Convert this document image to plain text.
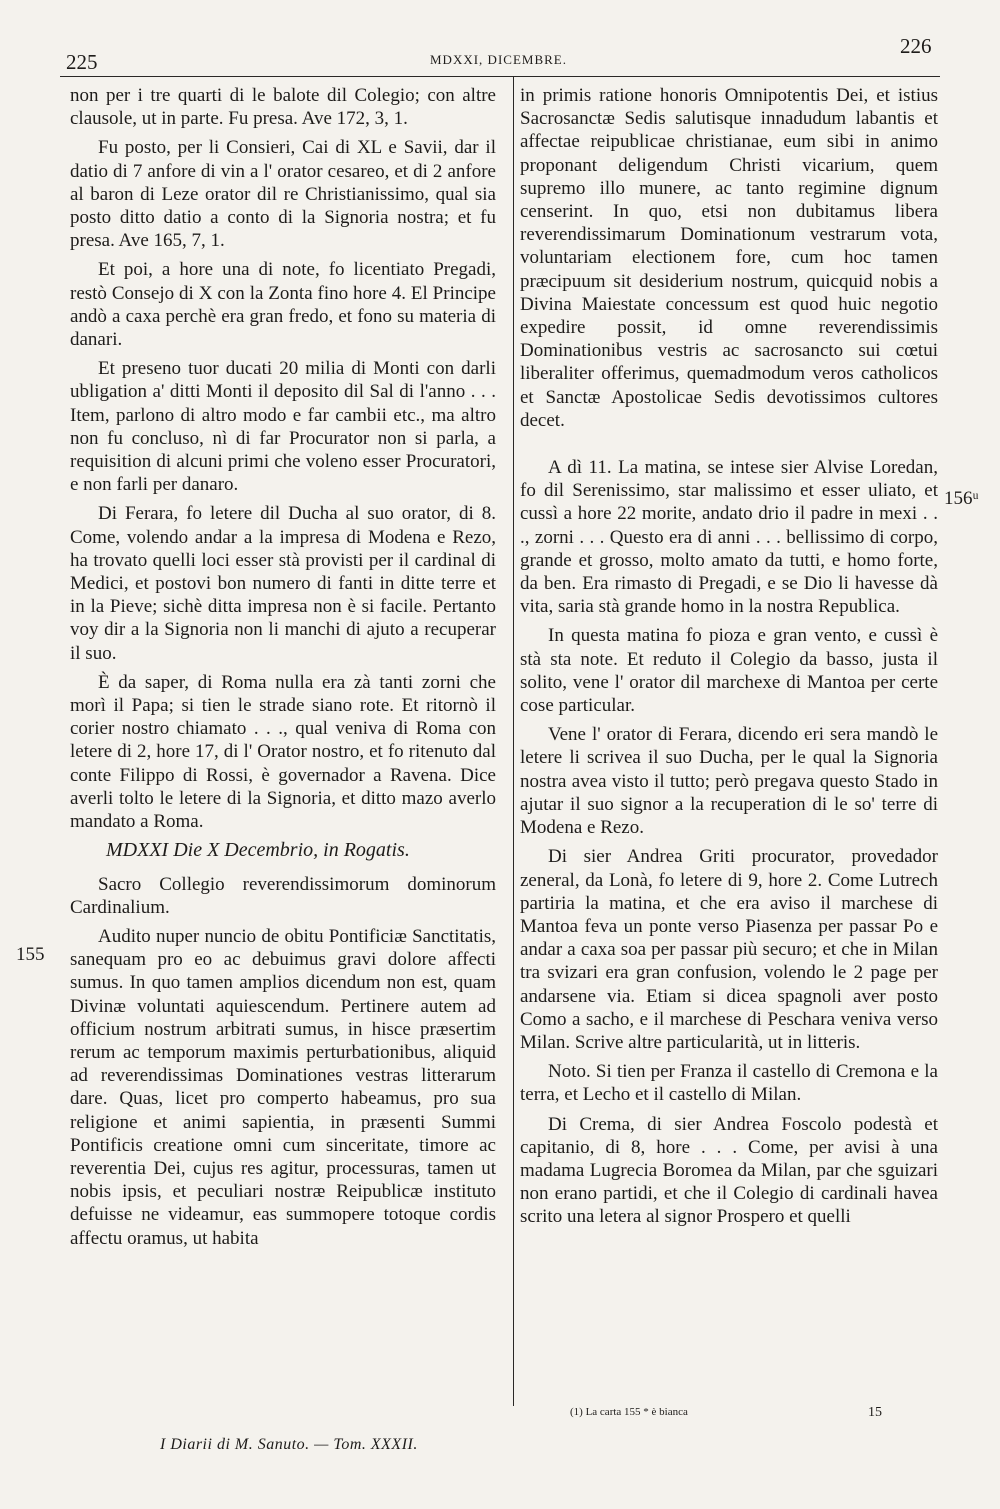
225	MDXXI, DICEMBRE.
226
155
156ᵘ

non per i tre quarti di le balote dil Colegio; con altre clausole, ut in parte. Fu presa. Ave 172, 3, 1.

Fu posto, per li Consieri, Cai di XL e Savii, dar il datio di 7 anfore di vin a l' orator cesareo, et di 2 anfore al baron di Leze orator dil re Christianissimo, qual sia posto ditto datio a conto di la Signoria nostra; et fu presa. Ave 165, 7, 1.

Et poi, a hore una di note, fo licentiato Pregadi, restò Consejo di X con la Zonta fino hore 4. El Principe andò a caxa perchè era gran fredo, et fono su materia di danari.

Et preseno tuor ducati 20 milia di Monti con darli ubligation a' ditti Monti il deposito dil Sal di l'anno . . . Item, parlono di altro modo e far cambii etc., ma altro non fu concluso, nì di far Procurator non si parla, a requisition di alcuni primi che voleno esser Procuratori, e non farli per danaro.

Di Ferara, fo letere dil Ducha al suo orator, di 8. Come, volendo andar a la impresa di Modena e Rezo, ha trovato quelli loci esser stà provisti per il cardinal di Medici, et postovi bon numero di fanti in ditte terre et in la Pieve; sichè ditta impresa non è si facile. Pertanto voy dir a la Signoria non li manchi di ajuto a recuperar il suo.

È da saper, di Roma nulla era zà tanti zorni che morì il Papa; si tien le strade siano rote. Et ritornò il corier nostro chiamato . . ., qual veniva di Roma con letere di 2, hore 17, di l' Orator nostro, et fo ritenuto dal conte Filippo di Rossi, è governador a Ravena. Dice averli tolto le letere di la Signoria, et ditto mazo averlo mandato a Roma.

MDXXI Die X Decembrio, in Rogatis.

Sacro Collegio reverendissimorum dominorum Cardinalium.

Audito nuper nuncio de obitu Pontificiæ Sanctitatis, sanequam pro eo ac debuimus gravi dolore affecti sumus. In quo tamen amplios dicendum non est, quam Divinæ voluntati aquiescendum. Pertinere autem ad officium nostrum arbitrati sumus, in hisce præsertim rerum ac temporum maximis perturbationibus, aliquid ad reverendissimas Dominationes vestras litterarum dare. Quas, licet pro comperto habeamus, pro sua religione et animi sapientia, in præsenti Summi Pontificis creatione omni cum sinceritate, timore ac reverentia Dei, cujus res agitur, processuras, tamen ut nobis ipsis, et peculiari nostræ Reipublicæ instituto defuisse ne videamur, eas summopere totoque cordis affectu oramus, ut habita

in primis ratione honoris Omnipotentis Dei, et istius Sacrosanctæ Sedis salutisque innadudum labantis et affectae reipublicae christianae, eum sibi in animo proponant deligendum Christi vicarium, quem supremo illo munere, ac tanto regimine dignum censerint. In quo, etsi non dubitamus libera reverendissimarum Dominationum vestrarum vota, voluntariam electionem fore, cum hoc tamen præcipuum sit desiderium nostrum, quicquid nobis a Divina Maiestate concessum est quod huic negotio expedire possit, id omne reverendissimis Dominationibus vestris ac sacrosancto sui cœtui liberaliter offerimus, quemadmodum veros catholicos et Sanctæ Apostolicae Sedis devotissimos cultores decet.

A dì 11. La matina, se intese sier Alvise Loredan, fo dil Serenissimo, star malissimo et esser uliato, et cussì a hore 22 morite, andato drio il padre in mexi . . ., zorni . . . Questo era di anni . . . bellissimo di corpo, grande et grosso, molto amato da tutti, e homo forte, da ben. Era rimasto di Pregadi, e se Dio li havesse dà vita, saria stà grande homo in la nostra Republica.

In questa matina fo pioza e gran vento, e cussì è stà sta note. Et reduto il Colegio da basso, justa il solito, vene l' orator dil marchexe di Mantoa per certe cose particular.

Vene l' orator di Ferara, dicendo eri sera mandò le letere li scrivea il suo Ducha, per le qual la Signoria nostra avea visto il tutto; però pregava questo Stado in ajutar il suo signor a la recuperation di le so' terre di Modena e Rezo.

Di sier Andrea Griti procurator, provedador zeneral, da Lonà, fo letere di 9, hore 2. Come Lutrech partiria la matina, et che era aviso il marchese di Mantoa feva un ponte verso Piasenza per passar Po e andar a caxa soa per passar più securo; et che in Milan tra svizari era gran confusion, volendo le 2 page per andarsene via. Etiam si dicea spagnoli aver posto Como a sacho, e il marchese di Peschara veniva verso Milan. Scrive altre particularità, ut in litteris.

Noto. Si tien per Franza il castello di Cremona e la terra, et Lecho et il castello di Milan.

Di Crema, di sier Andrea Foscolo podestà et capitanio, di 8, hore . . . Come, per avisi à una madama Lugrecia Boromea da Milan, par che sguizari non erano partidi, et che il Colegio di cardinali havea scrito una letera al signor Prospero et quelli

(1) La carta 155 * è bianca	15
I Diarii di M. Sanuto. — Tom. XXXII.
